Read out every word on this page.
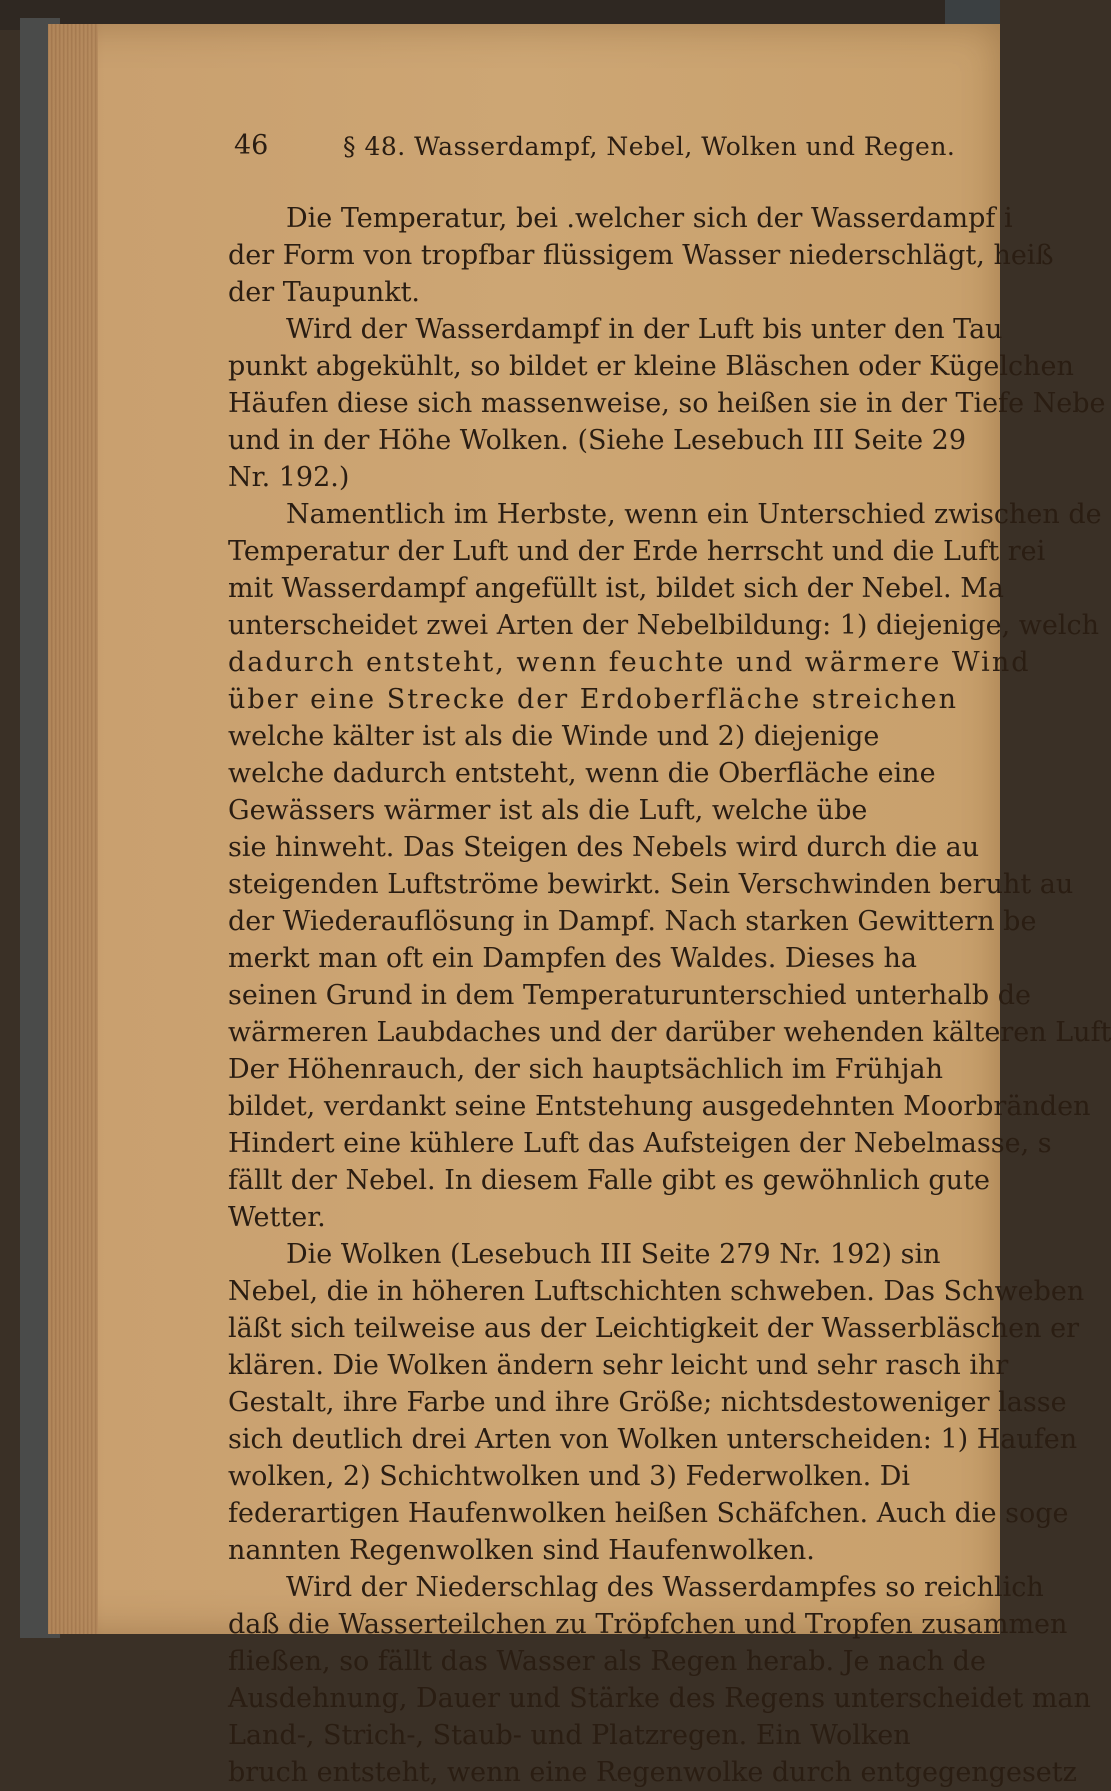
46	§ 48. Wasserdampf, Nebel, Wolken und Regen.
Die Temperatur, bei .welcher sich der Wasserdampf i
der Form von tropfbar flüssigem Wasser niederschlägt, heiß
der Taupunkt.
Wird der Wasserdampf in der Luft bis unter den Tau
punkt abgekühlt, so bildet er kleine Bläschen oder Kügelchen
Häufen diese sich massenweise, so heißen sie in der Tiefe Nebe
und in der Höhe Wolken. (Siehe Lesebuch III Seite 29
Nr. 192.)
Namentlich im Herbste, wenn ein Unterschied zwischen de
Temperatur der Luft und der Erde herrscht und die Luft rei
mit Wasserdampf angefüllt ist, bildet sich der Nebel. Ma
unterscheidet zwei Arten der Nebelbildung: 1) diejenige, welch
dadurch entsteht, wenn feuchte und wärmere Wind
über eine Strecke der Erdoberfläche streichen
welche kälter ist als die Winde und 2) diejenige
welche dadurch entsteht, wenn die Oberfläche eine
Gewässers wärmer ist als die Luft, welche übe
sie hinweht. Das Steigen des Nebels wird durch die au
steigenden Luftströme bewirkt. Sein Verschwinden beruht au
der Wiederauflösung in Dampf. Nach starken Gewittern be
merkt man oft ein Dampfen des Waldes. Dieses ha
seinen Grund in dem Temperaturunterschied unterhalb de
wärmeren Laubdaches und der darüber wehenden kälteren Luft
Der Höhenrauch, der sich hauptsächlich im Frühjah
bildet, verdankt seine Entstehung ausgedehnten Moorbränden
Hindert eine kühlere Luft das Aufsteigen der Nebelmasse, s
fällt der Nebel. In diesem Falle gibt es gewöhnlich gute
Wetter.
Die Wolken (Lesebuch III Seite 279 Nr. 192) sin
Nebel, die in höheren Luftschichten schweben. Das Schweben
läßt sich teilweise aus der Leichtigkeit der Wasserbläschen er
klären. Die Wolken ändern sehr leicht und sehr rasch ihr
Gestalt, ihre Farbe und ihre Größe; nichtsdestoweniger lasse
sich deutlich drei Arten von Wolken unterscheiden: 1) Haufen
wolken, 2) Schichtwolken und 3) Federwolken. Di
federartigen Haufenwolken heißen Schäfchen. Auch die soge
nannten Regenwolken sind Haufenwolken.
Wird der Niederschlag des Wasserdampfes so reichlich
daß die Wasserteilchen zu Tröpfchen und Tropfen zusammen
fließen, so fällt das Wasser als Regen herab. Je nach de
Ausdehnung, Dauer und Stärke des Regens unterscheidet man
Land-, Strich-, Staub- und Platzregen. Ein Wolken
bruch entsteht, wenn eine Regenwolke durch entgegengesetz
